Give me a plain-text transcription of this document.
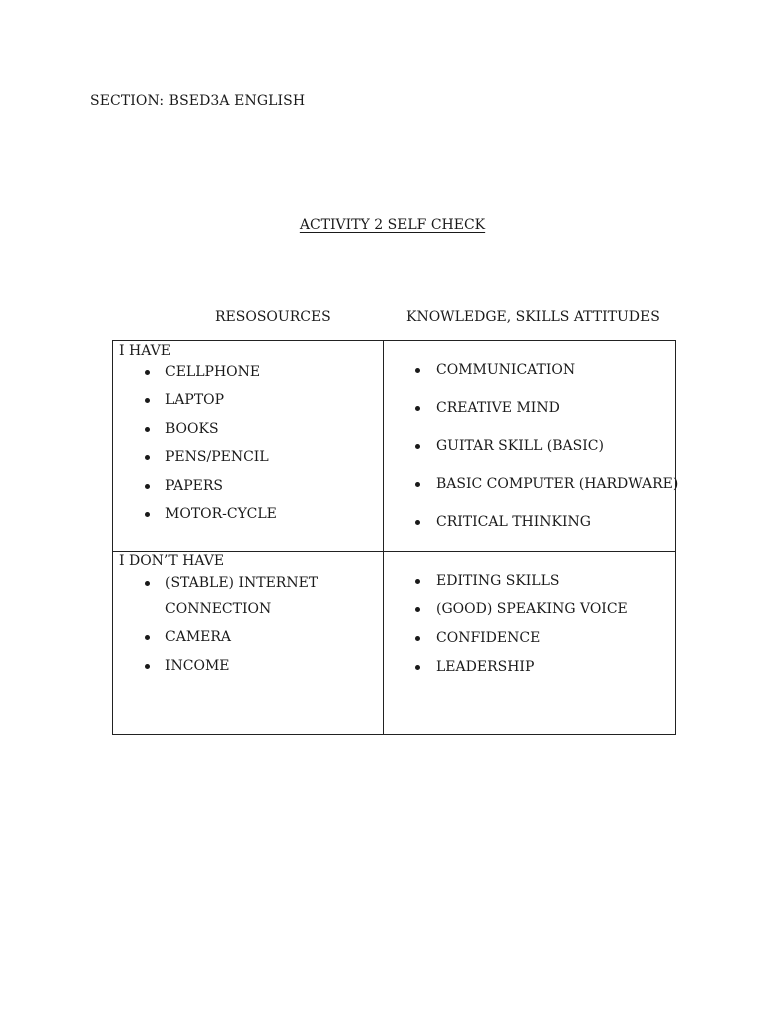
SECTION: BSED3A ENGLISH
ACTIVITY 2 SELF CHECK
RESOSOURCES	KNOWLEDGE, SKILLS ATTITUDES
I HAVE
CELLPHONE
LAPTOP
BOOKS
PENS/PENCIL
PAPERS
MOTOR-CYCLE
COMMUNICATION
CREATIVE MIND
GUITAR SKILL (BASIC)
BASIC COMPUTER (HARDWARE)
CRITICAL THINKING
I DON’T HAVE
(STABLE) INTERNET
CONNECTION
CAMERA
INCOME
EDITING SKILLS
(GOOD) SPEAKING VOICE
CONFIDENCE
LEADERSHIP
